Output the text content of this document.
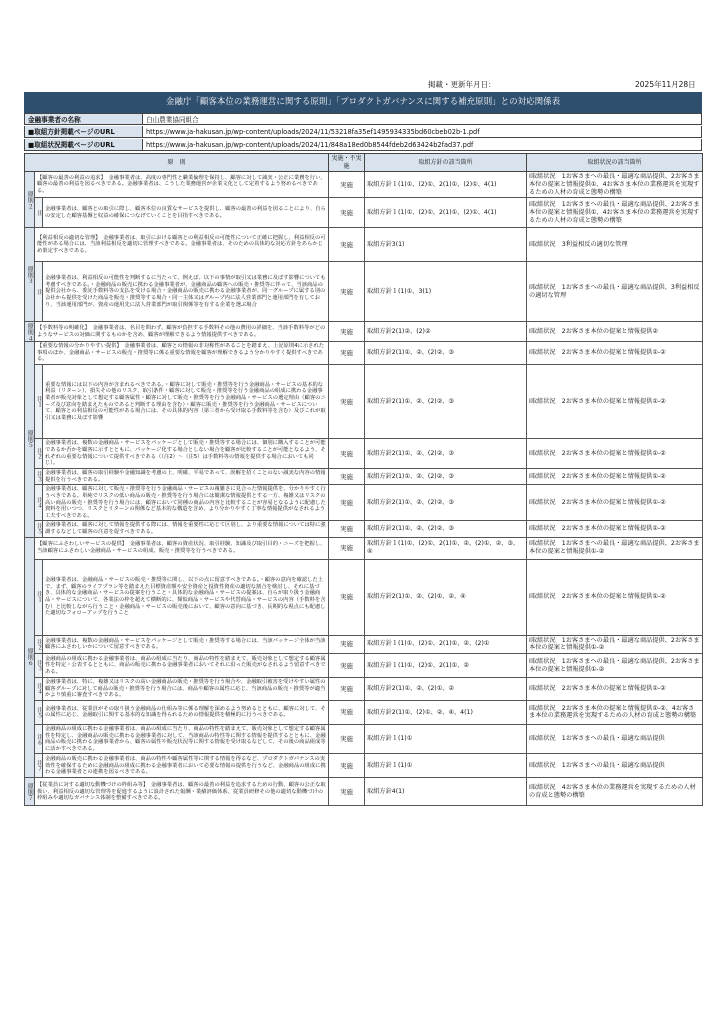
掲載・更新年月日：	2025年11月28日
金融庁「顧客本位の業務運営に関する原則」「プロダクトガバナンスに関する補充原則」との対応関係表
金融事業者の名称	白山農業協同組合
■取組方針掲載ページのURL	https://www.ja-hakusan.jp/wp-content/uploads/2024/11/53218fa35ef1495934335bd60cbeb02b-1.pdf
■取組状況掲載ページのURL	https://www.ja-hakusan.jp/wp-content/uploads/2024/11/848a18ed0b8544fdeb2d63424b2fad37.pdf
原　則			実施・不実施	取組方針の該当箇所	取組状況の該当箇所
原則２	【顧客の最善の利益の追求】　金融事業者は、高度の専門性と職業倫理を保持し、顧客に対して誠実・公正に業務を行い、顧客の最善の利益を図るべきである。金融事業者は、こうした業務運営が企業文化として定着するよう努めるべきである。		実施	取組方針１(1)①、(2)①、2(1)①、(2)①、4(1)	Ⅰ取組状況　1お客さまへの最良・最適な商品提供、2お客さま本位の提案と情報提供①、4お客さま本位の業務運営を実現するための人材の育成と態勢の構築
	注	金融事業者は、顧客との取引に際し、顧客本位の良質なサービスを提供し、顧客の最善の利益を図ることにより、自らの安定した顧客基盤と収益の確保につなげていくことを目指すべきである。	実施	取組方針１(1)①、(2)①、2(1)①、(2)①、4(1)	Ⅰ取組状況　1お客さまへの最良・最適な商品提供、2お客さま本位の提案と情報提供①、4お客さま本位の業務運営を実現するための人材の育成と態勢の構築
原則３	【利益相反の適切な管理】　金融事業者は、取引における顧客との利益相反の可能性について正確に把握し、利益相反の可能性がある場合には、当該利益相反を適切に管理すべきである。金融事業者は、そのための具体的な対応方針をあらかじめ策定すべきである。		実施	取組方針3(1)	Ⅰ取組状況　3利益相反の適切な管理
	注	金融事業者は、利益相反の可能性を判断するに当たって、例えば、以下の事情が取引又は業務に及ぼす影響についても考慮すべきである。・金融商品の販売に携わる金融事業者が、金融商品の顧客への販売・推奨等に伴って、当該商品の提供会社から、委託手数料等の支払を受ける場合・金融商品の販売に携わる金融事業者が、同一グループに属する別の会社から提供を受けた商品を販売・推奨等する場合・同一主体又はグループ内に法人営業部門と運用部門を有しており、当該運用部門が、資産の運用先に法人営業部門が取引関係等を有する企業を選ぶ場合	実施	取組方針１(1)①、3(1)	Ⅰ取組状況　1お客さまへの最良・最適な商品提供、3利益相反の適切な管理
原則４	【手数料等の明確化】　金融事業者は、名目を問わず、顧客が負担する手数料その他の費用の詳細を、当該手数料等がどのようなサービスの対価に関するものかを含め、顧客が理解できるよう情報提供すべきである。		実施	取組方針2(1)②、(2)②	Ⅰ取組状況　2お客さま本位の提案と情報提供②
原則５	【重要な情報の分かりやすい提供】　金融事業者は、顧客との情報の非対称性があることを踏まえ、上記原則4に示された事項のほか、金融商品・サービスの販売・推奨等に係る重要な情報を顧客が理解できるよう分かりやすく提供すべきである。		実施	取組方針2(1)①、②、(2)②、③	Ⅰ取組状況　2お客さま本位の提案と情報提供①-②
	注１	重要な情報には以下の内容が含まれるべきである。・顧客に対して販売・推奨等を行う金融商品・サービスの基本的な利益（リターン）、損失その他のリスク、取引条件・顧客に対して販売・推奨等を行う金融商品の組成に携わる金融事業者が販売対象として想定する顧客属性・顧客に対して販売・推奨等を行う金融商品・サービスの選定理由（顧客のニーズ及び意向を踏まえたものであると判断する理由を含む）・顧客に販売・推奨等を行う金融商品・サービスについて、顧客との利益相反の可能性がある場合には、その具体的内容（第三者から受け取る手数料等を含む）及びこれが取引又は業務に及ぼす影響	実施	取組方針2(1)①、②、(2)②、③	Ⅰ取組状況　2お客さま本位の提案と情報提供①-②
	注２	金融事業者は、複数の金融商品・サービスをパッケージとして販売・推奨等する場合には、個別に購入することが可能であるか否かを顧客に示すとともに、パッケージ化する場合としない場合を顧客が比較することが可能となるよう、それぞれの重要な情報について提供すべきである（（注2）〜（注5）は手数料等の情報を提供する場合においても同じ）。	実施	取組方針2(1)①、②、(2)②、③	Ⅰ取組状況　2お客さま本位の提案と情報提供①-②
	注３	金融事業者は、顧客の取引経験や金融知識を考慮の上、明確、平易であって、誤解を招くことのない誠実な内容の情報提供を行うべきである。	実施	取組方針2(1)①、②、(2)②、③	Ⅰ取組状況　2お客さま本位の提案と情報提供①-②
	注４	金融事業者は、顧客に対して販売・推奨等を行う金融商品・サービスの複雑さに見合った情報提供を、分かりやすく行うべきである。単純でリスクの低い商品の販売・推奨等を行う場合には簡潔な情報提供とする一方、複雑又はリスクの高い商品の販売・推奨等を行う場合には、顧客において同種の商品の内容と比較することが容易となるように配慮した資料を用いつつ、リスクとリターンの関係など基本的な構造を含め、より分かりやすく丁寧な情報提供がなされるよう工夫すべきである。	実施	取組方針2(1)①、②、(2)②、③	Ⅰ取組状況　2お客さま本位の提案と情報提供①-②
	注５	金融事業者は、顧客に対して情報を提供する際には、情報を重要性に応じて区別し、より重要な情報については特に強調するなどして顧客の注意を促すべきである。	実施	取組方針2(1)①、②、(2)②、③	Ⅰ取組状況　2お客さま本位の提案と情報提供①-②
原則６	【顧客にふさわしいサービスの提供】　金融事業者は、顧客の資産状況、取引経験、知識及び取引目的・ニーズを把握し、当該顧客にふさわしい金融商品・サービスの組成、販売・推奨等を行うべきである。		実施	取組方針１(1)①、(2)①、2(1)①、②、(2)①、②、③、④	Ⅰ取組状況　1お客さまへの最良・最適な商品提供、2お客さま本位の提案と情報提供①-②
	注１	金融事業者は、金融商品・サービスの販売・推奨等に関し、以下の点に留意すべきである。・顧客の意向を確認した上で、まず、顧客のライフプラン等を踏まえた目標資産額や安全資産と投資性資産の適切な割合を検討し、それに基づき、具体的な金融商品・サービスの提案を行うこと・具体的な金融商品・サービスの提案は、自らが取り扱う金融商品・サービスについて、各業法の枠を超えて横断的に、類似商品・サービスや代替商品・サービスの内容（手数料を含む）と比較しながら行うこと・金融商品・サービスの販売後において、顧客の意向に基づき、長期的な視点にも配慮した適切なフォローアップを行うこと	実施	取組方針2(1)①、②、(2)①、②、④	Ⅰ取組状況　2お客さま本位の提案と情報提供①-②
	注２	金融事業者は、複数の金融商品・サービスをパッケージとして販売・推奨等する場合には、当該パッケージ全体が当該顧客にふさわしいかについて留意すべきである。	実施	取組方針１(1)①、(2)①、2(1)①、②、(2)①	Ⅰ取組状況　1お客さまへの最良・最適な商品提供、2お客さま本位の提案と情報提供①-②
	注３	金融商品の組成に携わる金融事業者は、商品の組成に当たり、商品の特性を踏まえて、販売対象として想定する顧客属性を特定・公表するとともに、商品の販売に携わる金融事業者においてそれに沿った販売がなされるよう留意すべきである。	実施	取組方針１(1)①、(2)①、2(1)①、②	Ⅰ取組状況　1お客さまへの最良・最適な商品提供、2お客さま本位の提案と情報提供①-②
	注４	金融事業者は、特に、複雑又はリスクの高い金融商品の販売・推奨等を行う場合や、金融取引被害を受けやすい属性の顧客グループに対して商品の販売・推奨等を行う場合には、商品や顧客の属性に応じ、当該商品の販売・推奨等が適当かより慎重に審査すべきである。	実施	取組方針2(1)①、②、(2)①、②	Ⅰ取組状況　2お客さま本位の提案と情報提供①-②
	注５	金融事業者は、従業員がその取り扱う金融商品の仕組み等に係る理解を深めるよう努めるとともに、顧客に対して、その属性に応じ、金融取引に関する基本的な知識を得られるための情報提供を積極的に行うべきである。	実施	取組方針2(1)①、(2)①、②、④、4(1)	Ⅰ取組状況　2お客さま本位の提案と情報提供①-②、4お客さま本位の業務運営を実現するための人材の育成と態勢の構築
	注６	金融商品の組成に携わる金融事業者は、商品の組成に当たり、商品の特性を踏まえて、販売対象として想定する顧客属性を特定し、金融商品の販売に携わる金融事業者に対して、当該商品の特性等に関する情報を提供するとともに、金融商品の販売に携わる金融事業者から、顧客の属性や販売状況等に関する情報を受け取るなどして、その後の商品組成等に活かすべきである。	実施	取組方針１(1)①	Ⅰ取組状況　1お客さまへの最良・最適な商品提供
	注７	金融商品の販売に携わる金融事業者は、商品の特性や顧客属性等に関する情報を得るなど、プロダクトガバナンスの実効性を確保するために金融商品の組成に携わる金融事業者において必要な情報の提供を行うなど、金融商品の組成に携わる金融事業者との連携を図るべきである。	実施	取組方針１(1)①	Ⅰ取組状況　1お客さまへの最良・最適な商品提供
原則７	【従業員に対する適切な動機づけの枠組み等】　金融事業者は、顧客の最善の利益を追求するための行動、顧客の公正な取扱い、利益相反の適切な管理等を促進するように設計された報酬・業績評価体系、従業員研修その他の適切な動機づけの枠組みや適切なガバナンス体制を整備すべきである。		実施	取組方針4(1)	Ⅰ取組状況　4お客さま本位の業務運営を実現するための人材の育成と態勢の構築
